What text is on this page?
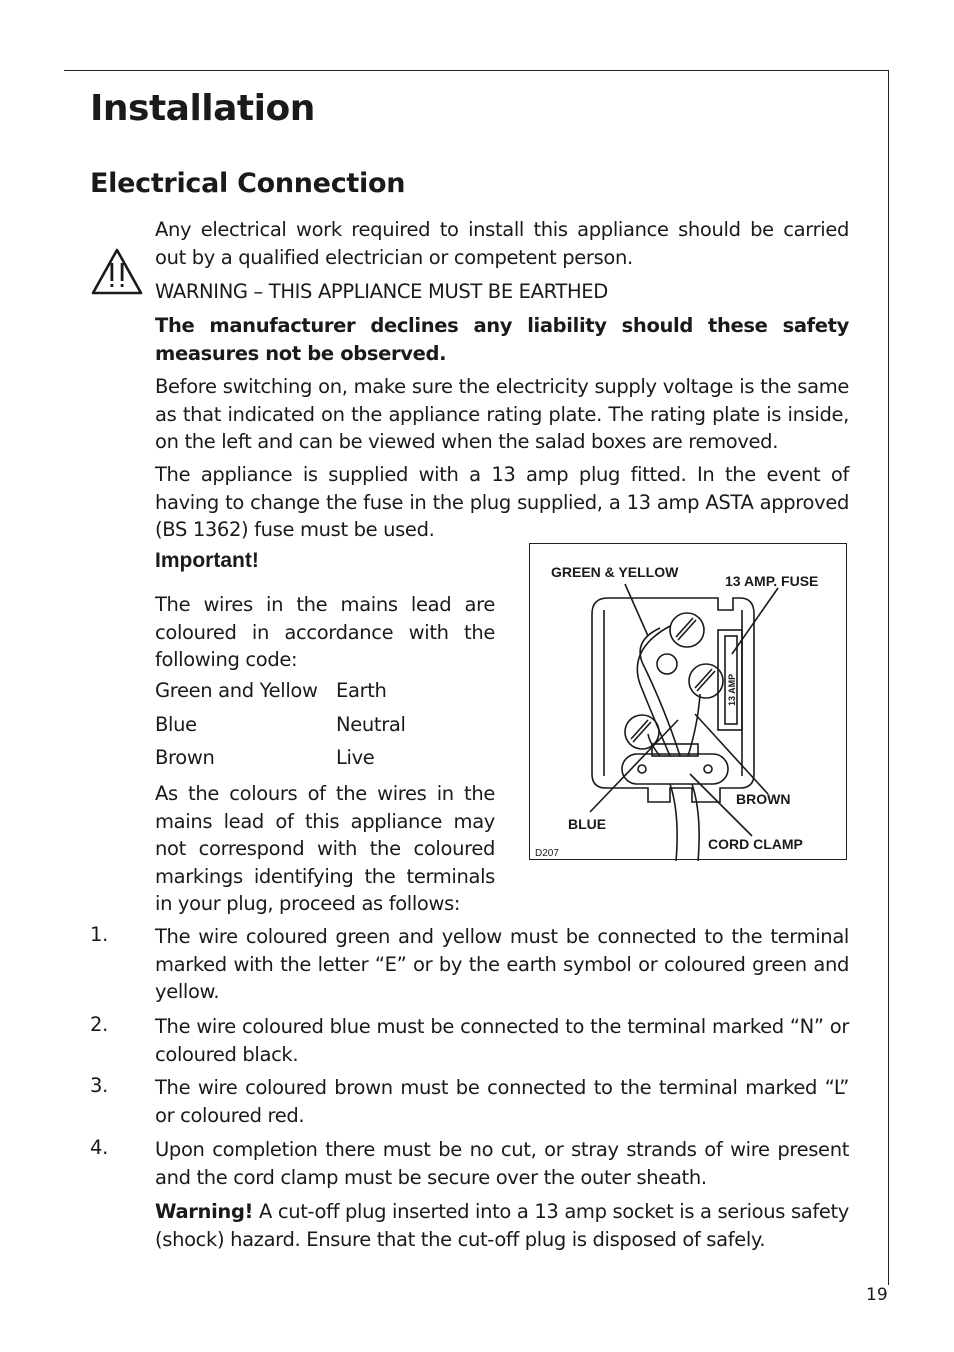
Installation
Electrical Connection

Any electrical work required to install this appliance should be carried out by a qualified electrician or competent person.

WARNING – THIS APPLIANCE MUST BE EARTHED

The manufacturer declines any liability should these safety measures not be observed.

Before switching on, make sure the electricity supply voltage is the same as that indicated on the appliance rating plate. The rating plate is inside, on the left and can be viewed when the salad boxes are removed.

The appliance is supplied with a 13 amp plug fitted. In the event of having to change the fuse in the plug supplied, a 13 amp ASTA approved (BS 1362) fuse must be used.

Important!

The wires in the mains lead are coloured in accordance with the following code:

Green and Yellow Earth
Blue	Neutral
Brown	Live

As the colours of the wires in the mains lead of this appliance may not correspond with the coloured markings identifying the terminals in your plug, proceed as follows:

GREEN & YELLOW
13 AMP. FUSE
13 AMP
BROWN
BLUE
CORD CLAMP
D207
1. The wire coloured green and yellow must be connected to the terminal marked with the letter “E” or by the earth symbol or coloured green and yellow.

2. The wire coloured blue must be connected to the terminal marked “N” or coloured black.

3. The wire coloured brown must be connected to the terminal marked “L” or coloured red.

4. Upon completion there must be no cut, or stray strands of wire present and the cord clamp must be secure over the outer sheath.

Warning! A cut-off plug inserted into a 13 amp socket is a serious safety (shock) hazard. Ensure that the cut-off plug is disposed of safely.

19
